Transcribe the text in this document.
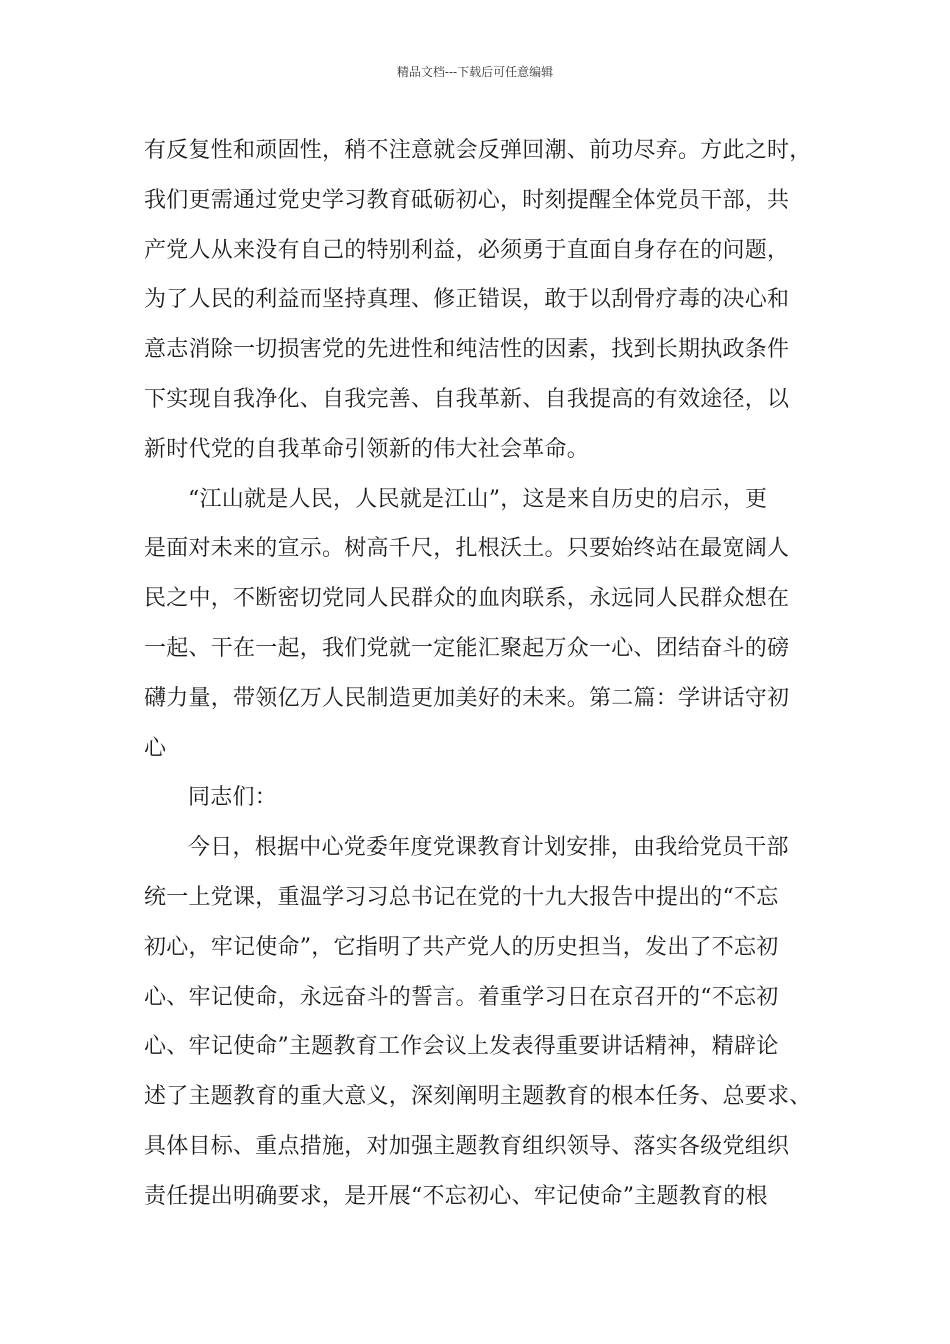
精品文档---下载后可任意编辑
有反复性和顽固性，稍不注意就会反弹回潮、前功尽弃。方此之时，
我们更需通过党史学习教育砥砺初心，时刻提醒全体党员干部，共
产党人从来没有自己的特别利益，必须勇于直面自身存在的问题，
为了人民的利益而坚持真理、修正错误，敢于以刮骨疗毒的决心和
意志消除一切损害党的先进性和纯洁性的因素，找到长期执政条件
下实现自我净化、自我完善、自我革新、自我提高的有效途径，以
新时代党的自我革命引领新的伟大社会革命。
“江山就是人民，人民就是江山”，这是来自历史的启示，更
是面对未来的宣示。树高千尺，扎根沃土。只要始终站在最宽阔人
民之中，不断密切党同人民群众的血肉联系，永远同人民群众想在
一起、干在一起，我们党就一定能汇聚起万众一心、团结奋斗的磅
礴力量，带领亿万人民制造更加美好的未来。第二篇：学讲话守初
心
同志们：
今日，根据中心党委年度党课教育计划安排，由我给党员干部
统一上党课，重温学习习总书记在党的十九大报告中提出的“不忘
初心，牢记使命”，它指明了共产党人的历史担当，发出了不忘初
心、牢记使命，永远奋斗的誓言。着重学习日在京召开的“不忘初
心、牢记使命”主题教育工作会议上发表得重要讲话精神，精辟论
述了主题教育的重大意义，深刻阐明主题教育的根本任务、总要求、
具体目标、重点措施，对加强主题教育组织领导、落实各级党组织
责任提出明确要求，是开展“不忘初心、牢记使命”主题教育的根
